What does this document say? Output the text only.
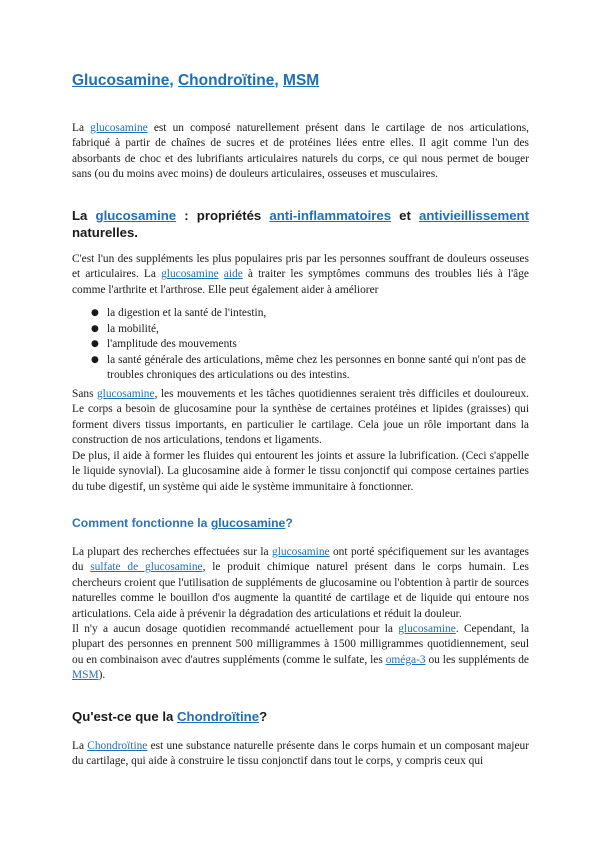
Glucosamine, Chondroïtine, MSM

La glucosamine est un composé naturellement présent dans le cartilage de nos articulations, fabriqué à partir de chaînes de sucres et de protéines liées entre elles. Il agit comme l'un des absorbants de choc et des lubrifiants articulaires naturels du corps, ce qui nous permet de bouger sans (ou du moins avec moins) de douleurs articulaires, osseuses et musculaires.

La glucosamine : propriétés anti-inflammatoires et antivieillissement naturelles.

C'est l'un des suppléments les plus populaires pris par les personnes souffrant de douleurs osseuses et articulaires. La glucosamine aide à traiter les symptômes communs des troubles liés à l'âge comme l'arthrite et l'arthrose. Elle peut également aider à améliorer

● la digestion et la santé de l'intestin,
● la mobilité,
● l'amplitude des mouvements
● la santé générale des articulations, même chez les personnes en bonne santé qui n'ont pas de troubles chroniques des articulations ou des intestins.

Sans glucosamine, les mouvements et les tâches quotidiennes seraient très difficiles et douloureux. Le corps a besoin de glucosamine pour la synthèse de certaines protéines et lipides (graisses) qui forment divers tissus importants, en particulier le cartilage. Cela joue un rôle important dans la construction de nos articulations, tendons et ligaments.

De plus, il aide à former les fluides qui entourent les joints et assure la lubrification. (Ceci s'appelle le liquide synovial). La glucosamine aide à former le tissu conjonctif qui compose certaines parties du tube digestif, un système qui aide le système immunitaire à fonctionner.

Comment fonctionne la glucosamine?

La plupart des recherches effectuées sur la glucosamine ont porté spécifiquement sur les avantages du sulfate de glucosamine, le produit chimique naturel présent dans le corps humain. Les chercheurs croient que l'utilisation de suppléments de glucosamine ou l'obtention à partir de sources naturelles comme le bouillon d'os augmente la quantité de cartilage et de liquide qui entoure nos articulations. Cela aide à prévenir la dégradation des articulations et réduit la douleur.

Il n'y a aucun dosage quotidien recommandé actuellement pour la glucosamine. Cependant, la plupart des personnes en prennent 500 milligrammes à 1500 milligrammes quotidiennement, seul ou en combinaison avec d'autres suppléments (comme le sulfate, les oméga-3 ou les suppléments de MSM).

Qu'est-ce que la Chondroïtine?

La Chondroïtine est une substance naturelle présente dans le corps humain et un composant majeur du cartilage, qui aide à construire le tissu conjonctif dans tout le corps, y compris ceux qui
